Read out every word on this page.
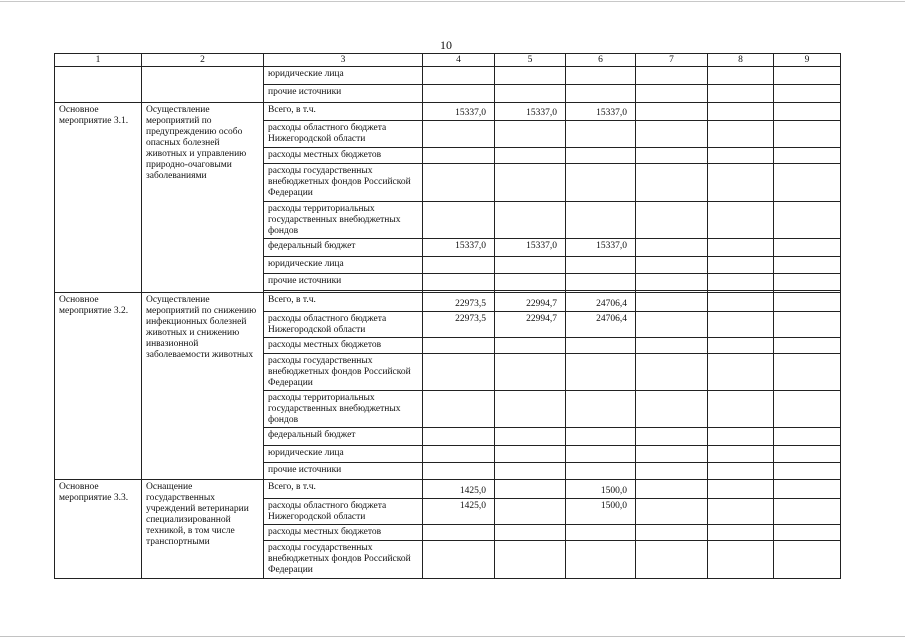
10
1	2	3	4	5	6	7	8	9
		юридические лица						
		прочие источники						
Основное мероприятие 3.1.	Осуществление мероприятий по предупреждению особо опасных болезней животных и управлению природно-очаговыми заболеваниями	Всего, в т.ч.	15337,0	15337,0	15337,0			
		расходы областного бюджета Нижегородской области						
		расходы местных бюджетов						
		расходы государственных внебюджетных фондов Российской Федерации						
		расходы территориальных государственных внебюджетных фондов						
		федеральный бюджет	15337,0	15337,0	15337,0			
		юридические лица						
		прочие источники						

Основное мероприятие 3.2.	Осуществление мероприятий по снижению инфекционных болезней животных и снижению инвазионной заболеваемости животных	Всего, в т.ч.	22973,5	22994,7	24706,4			
		расходы областного бюджета Нижегородской области	22973,5	22994,7	24706,4			
		расходы местных бюджетов						
		расходы государственных внебюджетных фондов Российской Федерации						
		расходы территориальных государственных внебюджетных фондов						
		федеральный бюджет						
		юридические лица						
		прочие источники						
Основное мероприятие 3.3.	Оснащение государственных учреждений ветеринарии специализированной техникой, в том числе транспортными	Всего, в т.ч.	1425,0		1500,0			
		расходы областного бюджета Нижегородской области	1425,0		1500,0			
		расходы местных бюджетов						
		расходы государственных внебюджетных фондов Российской Федерации						
